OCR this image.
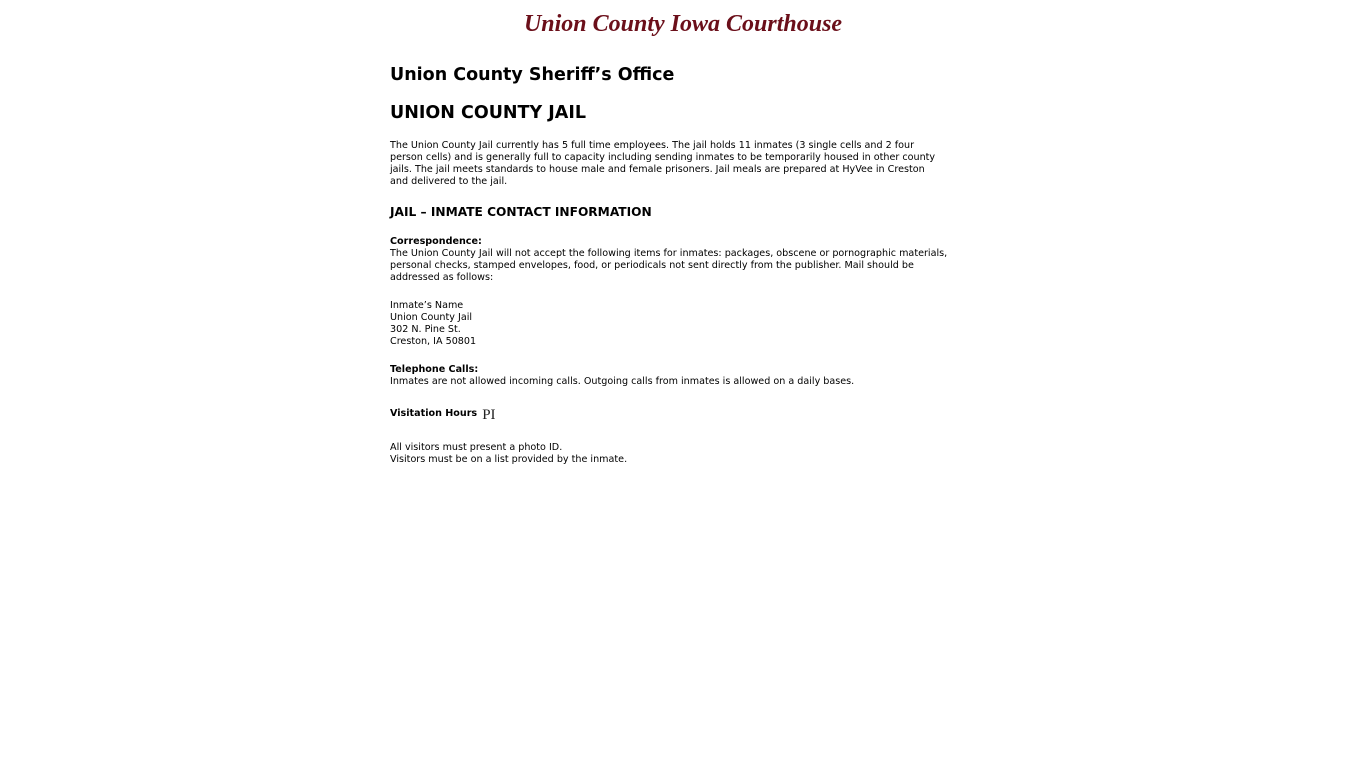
Union County Iowa Courthouse
Union County Sheriff’s Office
UNION COUNTY JAIL

The Union County Jail currently has 5 full time employees. The jail holds 11 inmates (3 single cells and 2 four
person cells) and is generally full to capacity including sending inmates to be temporarily housed in other county
jails. The jail meets standards to house male and female prisoners. Jail meals are prepared at HyVee in Creston
and delivered to the jail.

JAIL – INMATE CONTACT INFORMATION
Correspondence:
The Union County Jail will not accept the following items for inmates: packages, obscene or pornographic materials,
personal checks, stamped envelopes, food, or periodicals not sent directly from the publisher. Mail should be
addressed as follows:
Inmate’s Name
Union County Jail
302 N. Pine St.
Creston, IA 50801
Telephone Calls:
Inmates are not allowed incoming calls. Outgoing calls from inmates is allowed on a daily bases.
Visitation Hours PI
All visitors must present a photo ID.
Visitors must be on a list provided by the inmate.
